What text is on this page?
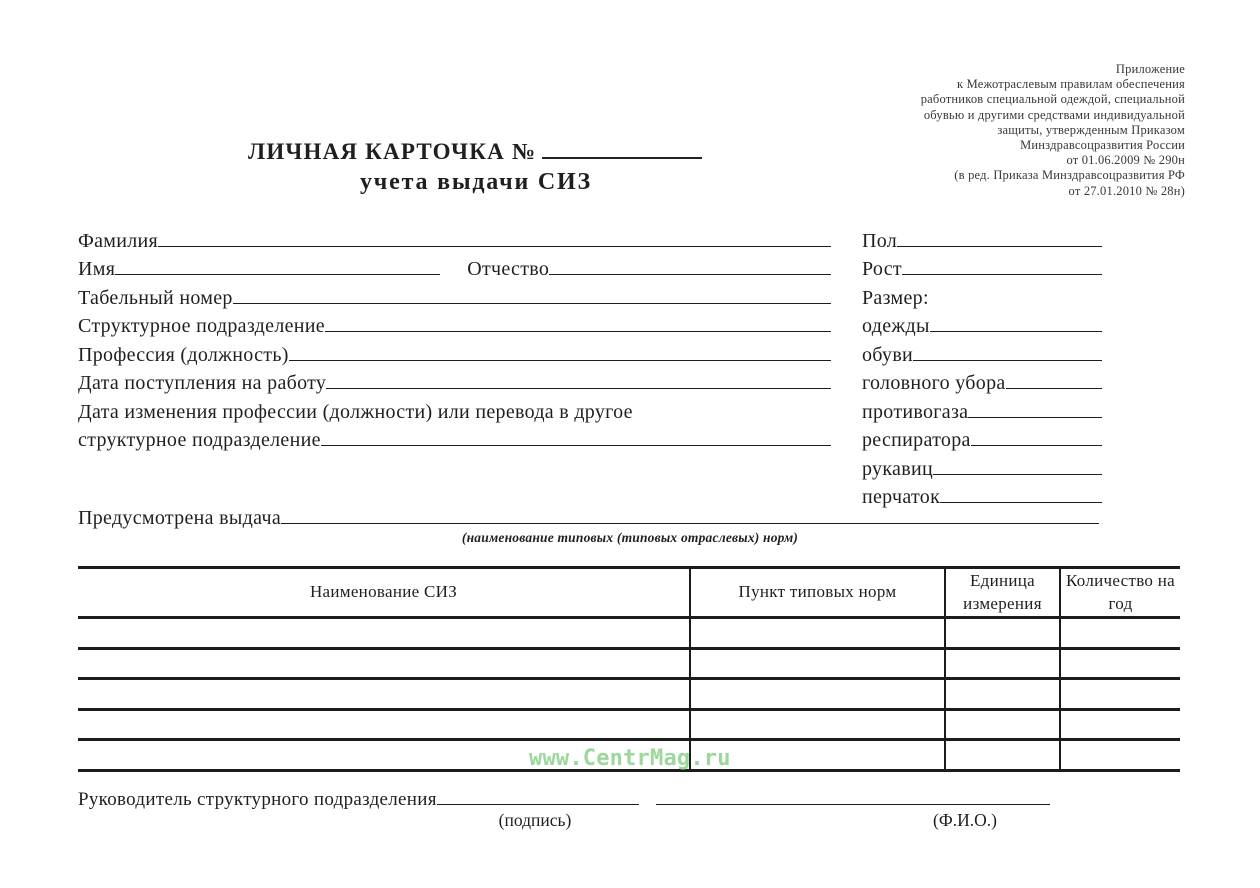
Приложение
к Межотраслевым правилам обеспечения
работников специальной одеждой, специальной
обувью и другими средствами индивидуальной
защиты, утвержденным Приказом
Минздравсоцразвития России
от 01.06.2009 № 290н
(в ред. Приказа Минздравсоцразвития РФ
от 27.01.2010 № 28н)
ЛИЧНАЯ КАРТОЧКА №
учета выдачи СИЗ
Фамилия
Имя	Отчество
Табельный номер
Структурное подразделение
Профессия (должность)
Дата поступления на работу
Дата изменения профессии (должности) или перевода в другое
структурное подразделение
Пол
Рост
Размер:
одежды
обуви
головного убора
противогаза
респиратора
рукавиц
перчаток
Предусмотрена выдача
(наименование типовых (типовых отраслевых) норм)
Наименование СИЗ	Пункт типовых норм	Единица измерения	Количество на год

www.CentrMag.ru
Руководитель структурного подразделения
(подпись)	(Ф.И.О.)
